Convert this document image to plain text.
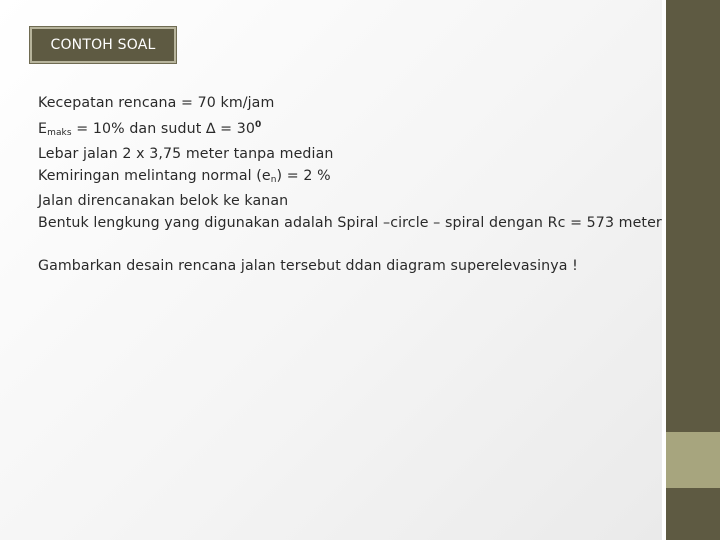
CONTOH SOAL
Kecepatan rencana = 70 km/jam
$E_{maks} = 10\%$ dan sudut ∆ = $30^0$
Lebar jalan 2 x 3,75 meter tanpa median
Kemiringan melintang normal $(e_n) = 2$ %
Jalan direncanakan belok ke kanan
Bentuk lengkung yang digunakan adalah Spiral –circle – spiral dengan Rc = 573 meter
Gambarkan desain rencana jalan tersebut ddan diagram superelevasinya !
